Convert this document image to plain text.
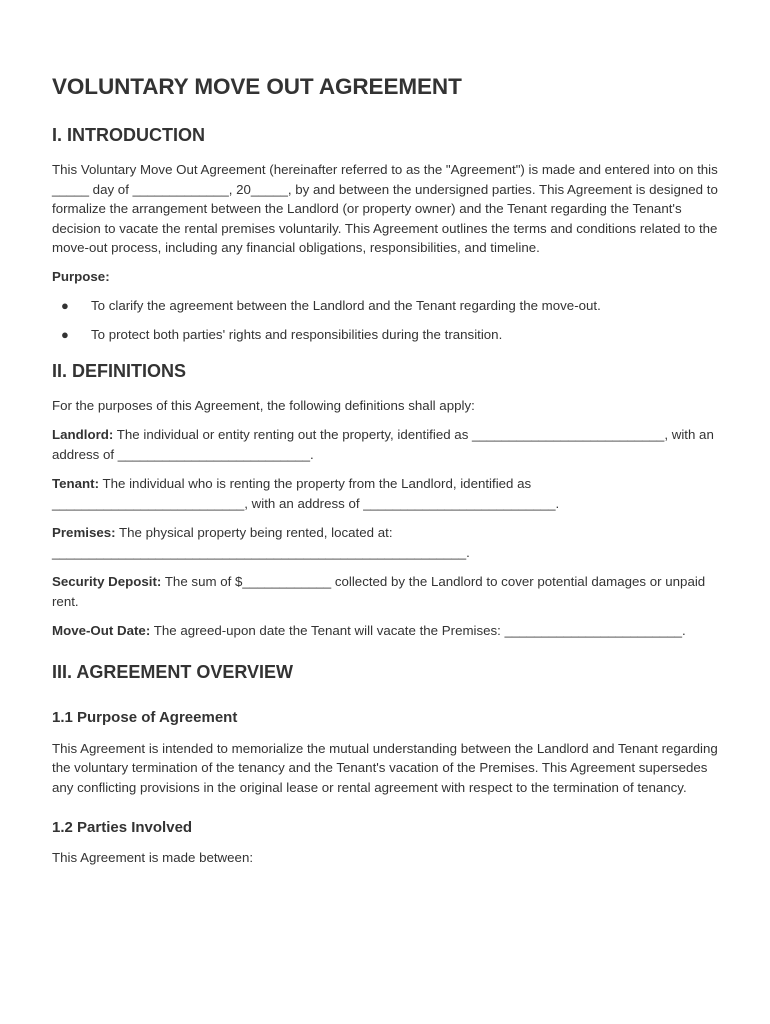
VOLUNTARY MOVE OUT AGREEMENT
I. INTRODUCTION

This Voluntary Move Out Agreement (hereinafter referred to as the "Agreement") is made and entered into on this _____ day of _____________, 20_____, by and between the undersigned parties. This Agreement is designed to formalize the arrangement between the Landlord (or property owner) and the Tenant regarding the Tenant's decision to vacate the rental premises voluntarily. This Agreement outlines the terms and conditions related to the move-out process, including any financial obligations, responsibilities, and timeline.

Purpose:

● To clarify the agreement between the Landlord and the Tenant regarding the move-out.
● To protect both parties' rights and responsibilities during the transition.
II. DEFINITIONS

For the purposes of this Agreement, the following definitions shall apply:

Landlord: The individual or entity renting out the property, identified as __________________________, with an address of __________________________.

Tenant: The individual who is renting the property from the Landlord, identified as __________________________, with an address of __________________________.

Premises: The physical property being rented, located at: ________________________________________________________.

Security Deposit: The sum of $____________ collected by the Landlord to cover potential damages or unpaid rent.

Move-Out Date: The agreed-upon date the Tenant will vacate the Premises: ________________________.

III. AGREEMENT OVERVIEW
1.1 Purpose of Agreement

This Agreement is intended to memorialize the mutual understanding between the Landlord and Tenant regarding the voluntary termination of the tenancy and the Tenant's vacation of the Premises. This Agreement supersedes any conflicting provisions in the original lease or rental agreement with respect to the termination of tenancy.

1.2 Parties Involved

This Agreement is made between:
